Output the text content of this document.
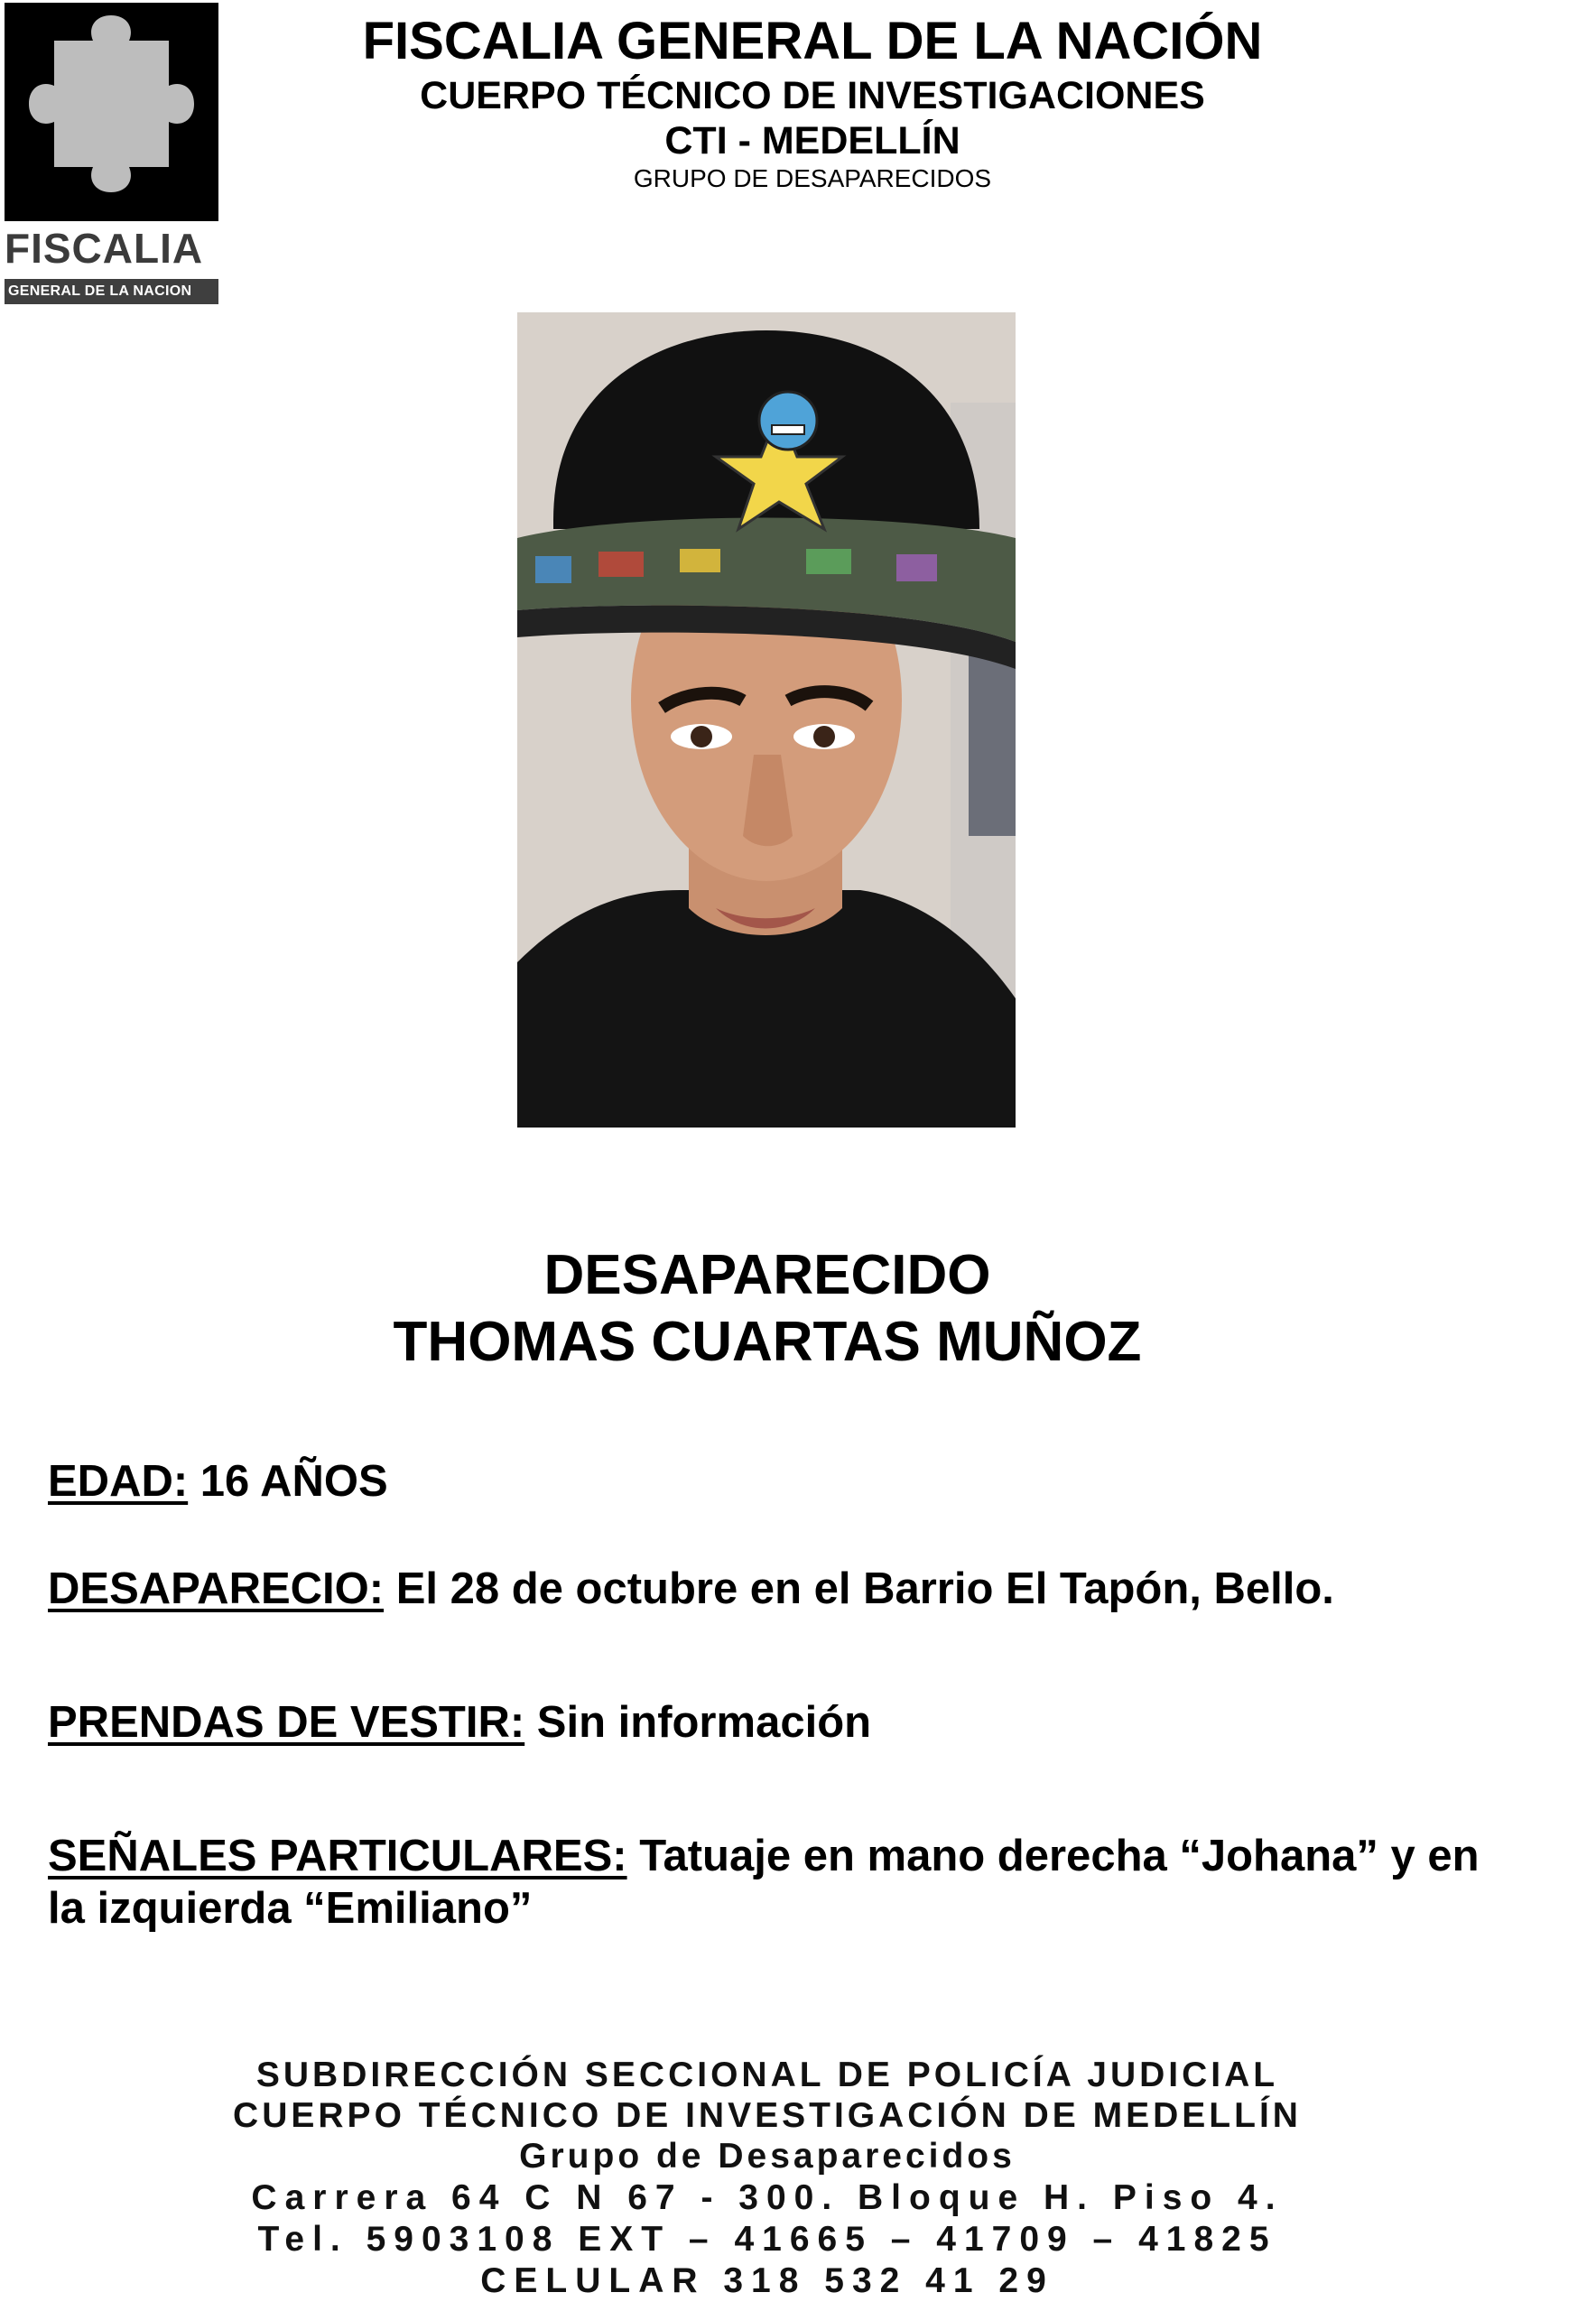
FISCALIA
GENERAL DE LA NACION
FISCALIA GENERAL DE LA NACIÓN
CUERPO TÉCNICO DE INVESTIGACIONES
CTI - MEDELLÍN
GRUPO DE DESAPARECIDOS
DESAPARECIDO
THOMAS CUARTAS MUÑOZ
EDAD: 16 AÑOS
DESAPARECIO: El 28 de octubre en el Barrio El Tapón, Bello.
PRENDAS DE VESTIR: Sin información
SEÑALES PARTICULARES: Tatuaje en mano derecha “Johana” y en la izquierda “Emiliano”
SUBDIRECCIÓN SECCIONAL DE POLICÍA JUDICIAL
CUERPO TÉCNICO DE INVESTIGACIÓN DE MEDELLÍN
Grupo de Desaparecidos
Carrera 64 C N 67 - 300. Bloque H. Piso 4.
Tel. 5903108 EXT – 41665 – 41709 – 41825
CELULAR 318 532 41 29
